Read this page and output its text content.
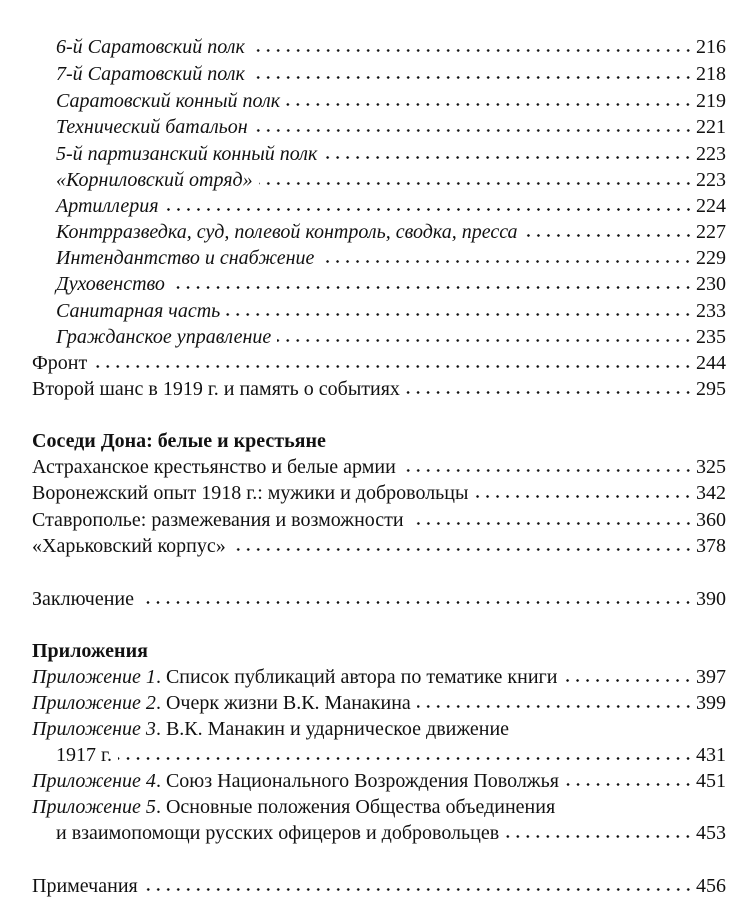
6-й Саратовский полк	216
7-й Саратовский полк	218
Саратовский конный полк	219
Технический батальон	221
5-й партизанский конный полк	223
«Корниловский отряд»	223
Артиллерия	224
Контрразведка, суд, полевой контроль, сводка, пресса	227
Интендантство и снабжение	229
Духовенство	230
Санитарная часть	233
Гражданское управление	235
Фронт	244
Второй шанс в 1919 г. и память о событиях	295
Соседи Дона: белые и крестьяне
Астраханское крестьянство и белые армии	325
Воронежский опыт 1918 г.: мужики и добровольцы	342
Ставрополье: размежевания и возможности	360
«Харьковский корпус»	378
Заключение	390
Приложения
Приложение 1 . Список публикаций автора по тематике книги	397
Приложение 2 . Очерк жизни В.К. Манакина	399
Приложение 3 . В.К. Манакин и ударническое движение
1917 г.	431
Приложение 4 . Союз Национального Возрождения Поволжья	451
Приложение 5 . Основные положения Общества объединения
и взаимопомощи русских офицеров и добровольцев	453
Примечания	456
